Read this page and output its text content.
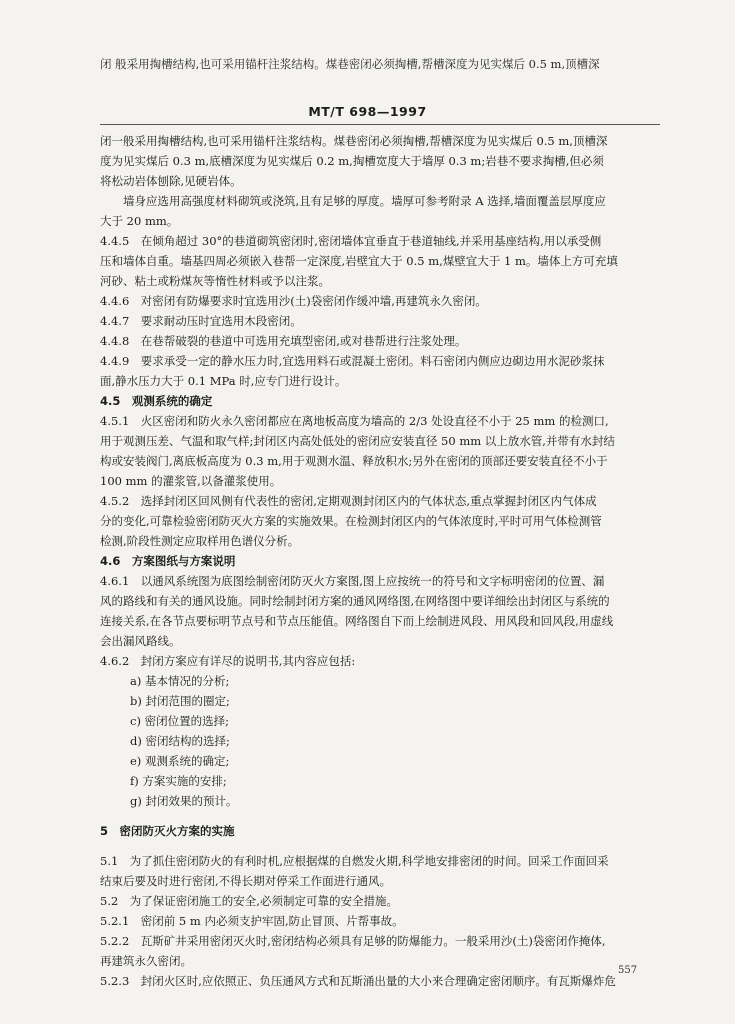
闭 般采用掏槽结构,也可采用锚杆注浆结构。煤巷密闭必须掏槽,帮槽深度为见实煤后 0.5 m,顶槽深
MT/T 698—1997
闭一般采用掏槽结构,也可采用锚杆注浆结构。煤巷密闭必须掏槽,帮槽深度为见实煤后 0.5 m,顶槽深
度为见实煤后 0.3 m,底槽深度为见实煤后 0.2 m,掏槽宽度大于墙厚 0.3 m;岩巷不要求掏槽,但必须
将松动岩体刨除,见硬岩体。
墙身应选用高强度材料砌筑或浇筑,且有足够的厚度。墙厚可参考附录 A 选择,墙面覆盖层厚度应
大于 20 mm。
4.4.5　在倾角超过 30°的巷道砌筑密闭时,密闭墙体宜垂直于巷道轴线,并采用基座结构,用以承受侧
压和墙体自重。墙基四周必须嵌入巷帮一定深度,岩壁宜大于 0.5 m,煤壁宜大于 1 m。墙体上方可充填
河砂、粘土或粉煤灰等惰性材料或予以注浆。
4.4.6　对密闭有防爆要求时宜选用沙(土)袋密闭作缓冲墙,再建筑永久密闭。
4.4.7　要求耐动压时宜选用木段密闭。
4.4.8　在巷帮破裂的巷道中可选用充填型密闭,或对巷帮进行注浆处理。
4.4.9　要求承受一定的静水压力时,宜选用料石或混凝土密闭。料石密闭内侧应边砌边用水泥砂浆抹
面,静水压力大于 0.1 MPa 时,应专门进行设计。
4.5　观测系统的确定
4.5.1　火区密闭和防火永久密闭都应在离地板高度为墙高的 2/3 处设直径不小于 25 mm 的检测口,
用于观测压差、气温和取气样;封闭区内高处低处的密闭应安装直径 50 mm 以上放水管,并带有水封结
构或安装阀门,离底板高度为 0.3 m,用于观测水温、释放积水;另外在密闭的顶部还要安装直径不小于
100 mm 的灌浆管,以备灌浆使用。
4.5.2　选择封闭区回风侧有代表性的密闭,定期观测封闭区内的气体状态,重点掌握封闭区内气体成
分的变化,可靠检验密闭防灭火方案的实施效果。在检测封闭区内的气体浓度时,平时可用气体检测管
检测,阶段性测定应取样用色谱仪分析。
4.6　方案图纸与方案说明
4.6.1　以通风系统图为底图绘制密闭防灭火方案图,图上应按统一的符号和文字标明密闭的位置、漏
风的路线和有关的通风设施。同时绘制封闭方案的通风网络图,在网络图中要详细绘出封闭区与系统的
连接关系,在各节点要标明节点号和节点压能值。网络图自下而上绘制进风段、用风段和回风段,用虚线
会出漏风路线。
4.6.2　封闭方案应有详尽的说明书,其内容应包括:
a) 基本情况的分析;
b) 封闭范围的圈定;
c) 密闭位置的选择;
d) 密闭结构的选择;
e) 观测系统的确定;
f) 方案实施的安排;
g) 封闭效果的预计。
5　密闭防灭火方案的实施
5.1　为了抓住密闭防火的有利时机,应根据煤的自燃发火期,科学地安排密闭的时间。回采工作面回采
结束后要及时进行密闭,不得长期对停采工作面进行通风。
5.2　为了保证密闭施工的安全,必须制定可靠的安全措施。
5.2.1　密闭前 5 m 内必须支护牢固,防止冒顶、片帮事故。
5.2.2　瓦斯矿井采用密闭灭火时,密闭结构必须具有足够的防爆能力。一般采用沙(土)袋密闭作掩体,
再建筑永久密闭。
5.2.3　封闭火区时,应依照正、负压通风方式和瓦斯涌出量的大小来合理确定密闭顺序。有瓦斯爆炸危
557
